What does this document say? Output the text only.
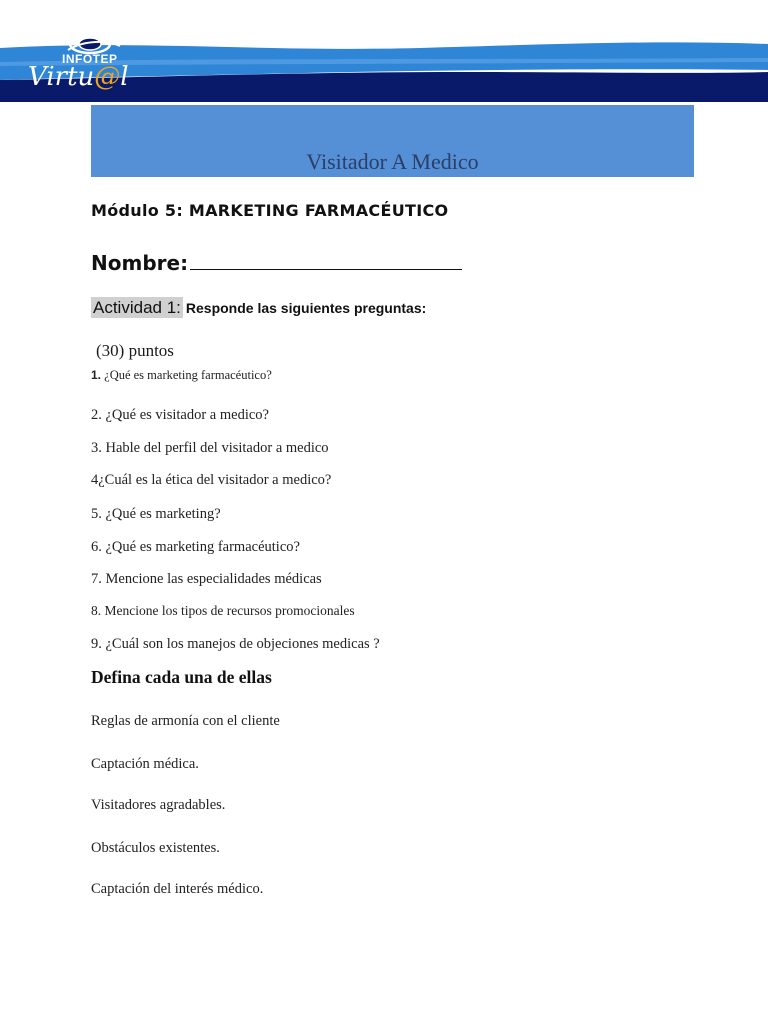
INFOTEP
Virtu@l
Visitador A Medico
Módulo 5: MARKETING FARMACÉUTICO
Nombre:
Actividad 1: Responde las siguientes preguntas:
(30) puntos
1. ¿Qué es marketing farmacéutico?
2. ¿Qué es visitador a medico?
3. Hable del perfil del visitador a medico
4¿Cuál es la ética del visitador a medico?
5. ¿Qué es marketing?
6. ¿Qué es marketing farmacéutico?
7. Mencione las especialidades médicas
8. Mencione los tipos de recursos promocionales
9. ¿Cuál son los manejos de objeciones medicas ?
Defina cada una de ellas
Reglas de armonía con el cliente
Captación médica.
Visitadores agradables.
Obstáculos existentes.
Captación del interés médico.
